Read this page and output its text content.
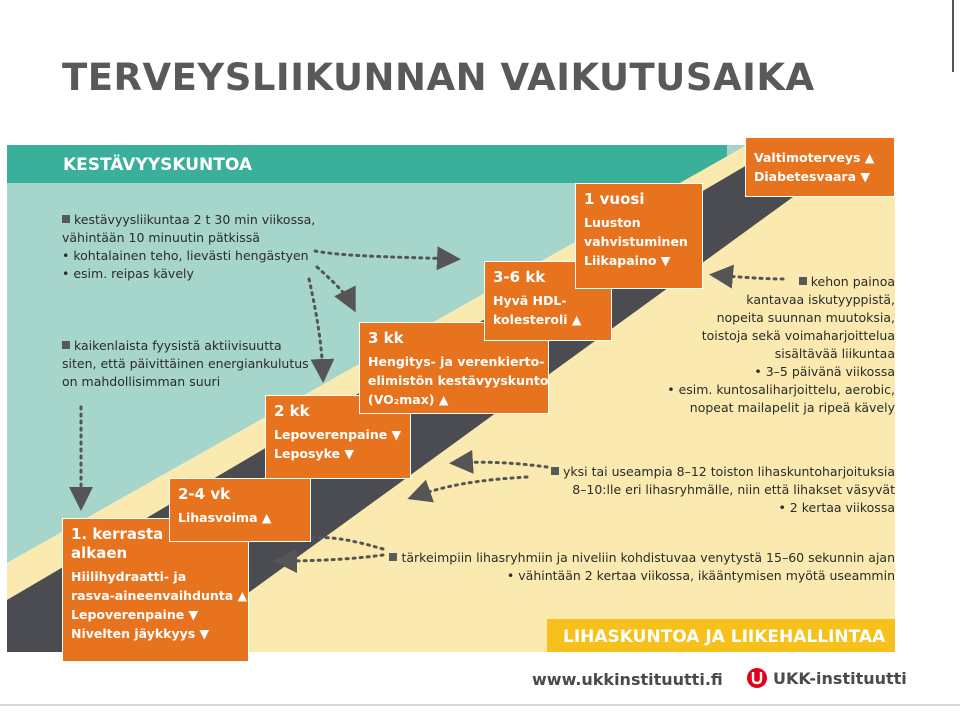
TERVEYSLIIKUNNAN VAIKUTUSAIKA
KESTÄVYYSKUNTOA
kestävyysliikuntaa 2 t 30 min viikossa,
vähintään 10 minuutin pätkissä
• kohtalainen teho, lievästi hengästyen
• esim. reipas kävely
kaikenlaista fyysistä aktiivisuutta
siten, että päivittäinen energiankulutus
on mahdollisimman suuri
kehon painoa
kantavaa iskutyyppistä,
nopeita suunnan muutoksia,
toistoja sekä voimaharjoittelua
sisältävää liikuntaa
• 3–5 päivänä viikossa
• esim. kuntosaliharjoittelu, aerobic,
nopeat mailapelit ja ripeä kävely
yksi tai useampia 8–12 toiston lihaskuntoharjoituksia
8–10:lle eri lihasryhmälle, niin että lihakset väsyvät
• 2 kertaa viikossa
tärkeimpiin lihasryhmiin ja niveliin kohdistuvaa venytystä 15–60 sekunnin ajan
• vähintään 2 kertaa viikossa, ikääntymisen myötä useammin
LIHASKUNTOA JA LIIKEHALLINTAA
1. kerrasta alkaen
Hiilihydraatti- ja
rasva-aineenvaihdunta ▲
Lepoverenpaine ▼
Nivelten jäykkyys ▼
2-4 vk
Lihasvoima ▲
2 kk
Lepoverenpaine ▼
Leposyke ▼
3 kk
Hengitys- ja verenkierto-
elimistön kestävyyskunto
(VO₂max) ▲
3-6 kk
Hyvä HDL-
kolesteroli ▲
1 vuosi
Luuston
vahvistuminen
Liikapaino ▼
Valtimoterveys ▲
Diabetesvaara ▼
www.ukkinstituutti.fi	UKK-instituutti
